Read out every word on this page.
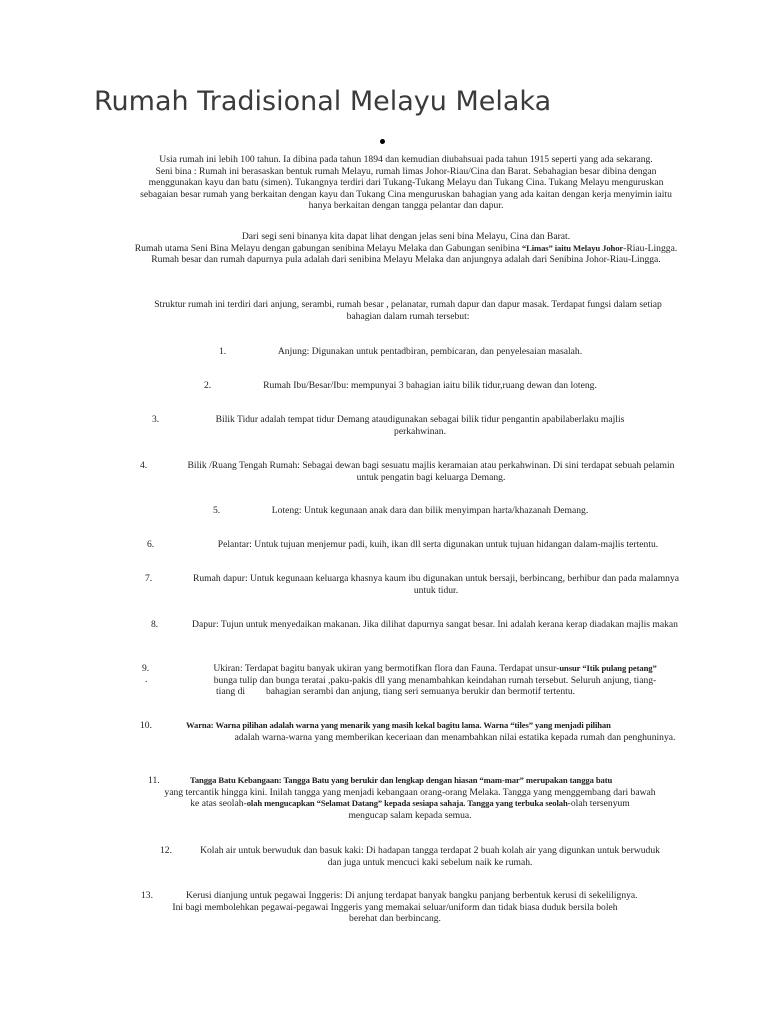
Rumah Tradisional Melayu Melaka

Usia rumah ini lebih 100 tahun. Ia dibina pada tahun 1894 dan kemudian diubahsuai pada tahun 1915 seperti yang ada sekarang.

Seni bina : Rumah ini berasaskan bentuk rumah Melayu, rumah limas Johor-Riau/Cina dan Barat. Sebahagian besar dibina dengan menggunakan kayu dan batu (simen). Tukangnya terdiri dari Tukang-Tukang Melayu dan Tukang Cina. Tukang Melayu menguruskan sebagaian besar rumah yang berkaitan dengan kayu dan Tukang Cina menguruskan bahagian yang ada kaitan dengan kerja menyimin iaitu hanya berkaitan dengan tangga pelantar dan dapur.

Dari segi seni binanya kita dapat lihat dengan jelas seni bina Melayu, Cina dan Barat.

Rumah utama Seni Bina Melayu dengan gabungan senibina Melayu Melaka dan Gabungan senibina “Limas” iaitu Melayu Johor-Riau-Lingga. Rumah besar dan rumah dapurnya pula adalah dari senibina Melayu Melaka dan anjungnya adalah dari Senibina Johor-Riau-Lingga.

Struktur rumah ini terdiri dari anjung, serambi, rumah besar , pelanatar, rumah dapur dan dapur masak. Terdapat fungsi dalam setiap bahagian dalam rumah tersebut:
1.	Anjung: Digunakan untuk pentadbiran, pembicaran, dan penyelesaian masalah.
2.	Rumah Ibu/Besar/Ibu: mempunyai 3 bahagian iaitu bilik tidur,ruang dewan dan loteng.
3.	Bilik Tidur adalah tempat tidur Demang ataudigunakan sebagai bilik tidur pengantin apabilaberlaku majlis perkahwinan.
4.	Bilik /Ruang Tengah Rumah: Sebagai dewan bagi sesuatu majlis keramaian atau perkahwinan. Di sini terdapat sebuah pelamin untuk pengatin bagi keluarga Demang.
5.	Loteng: Untuk kegunaan anak dara dan bilik menyimpan harta/khazanah Demang.
6.	Pelantar: Untuk tujuan menjemur padi, kuih, ikan dll serta digunakan untuk tujuan hidangan dalam-majlis tertentu.
7.	Rumah dapur: Untuk kegunaan keluarga khasnya kaum ibu digunakan untuk bersaji, berbincang, berhibur dan pada malamnya untuk tidur.
8.	Dapur: Tujun untuk menyedaikan makanan. Jika dilihat dapurnya sangat besar. Ini adalah kerana kerap diadakan majlis makan
9.
.
Ukiran: Terdapat bagitu banyak ukiran yang bermotifkan flora dan Fauna. Terdapat unsur-unsur “Itik pulang petang”
bunga tulip dan bunga teratai ,paku-pakis dll yang menambahkan keindahan rumah tersebut. Seluruh anjung, tiang-
tiang di bahagian serambi dan anjung, tiang seri semuanya berukir dan bermotif tertentu.
10.	Warna: Warna pilihan adalah warna yang menarik yang masih kekal bagitu lama. Warna “tiles” yang menjadi pilihan
adalah warna-warna yang memberikan keceriaan dan menambahkan nilai estatika kepada rumah dan penghuninya.
11.	Tangga Batu Kebangaan: Tangga Batu yang berukir dan lengkap dengan hiasan “mam-mar” merupakan tangga batu
yang tercantik hingga kini. Inilah tangga yang menjadi kebangaan orang-orang Melaka. Tangga yang menggembang dari bawah
ke atas seolah-olah mengucapkan “Selamat Datang” kepada sesiapa sahaja. Tangga yang terbuka seolah-olah tersenyum
mengucap salam kepada semua.
12.	Kolah air untuk berwuduk dan basuk kaki: Di hadapan tangga terdapat 2 buah kolah air yang digunkan untuk berwuduk dan juga untuk mencuci kaki sebelum naik ke rumah.
13.	Kerusi dianjung untuk pegawai Inggeris: Di anjung terdapat banyak bangku panjang berbentuk kerusi di sekelilignya.
Ini bagi membolehkan pegawai-pegawai Inggeris yang memakai seluar/uniform dan tidak biasa duduk bersila boleh
berehat dan berbincang.
